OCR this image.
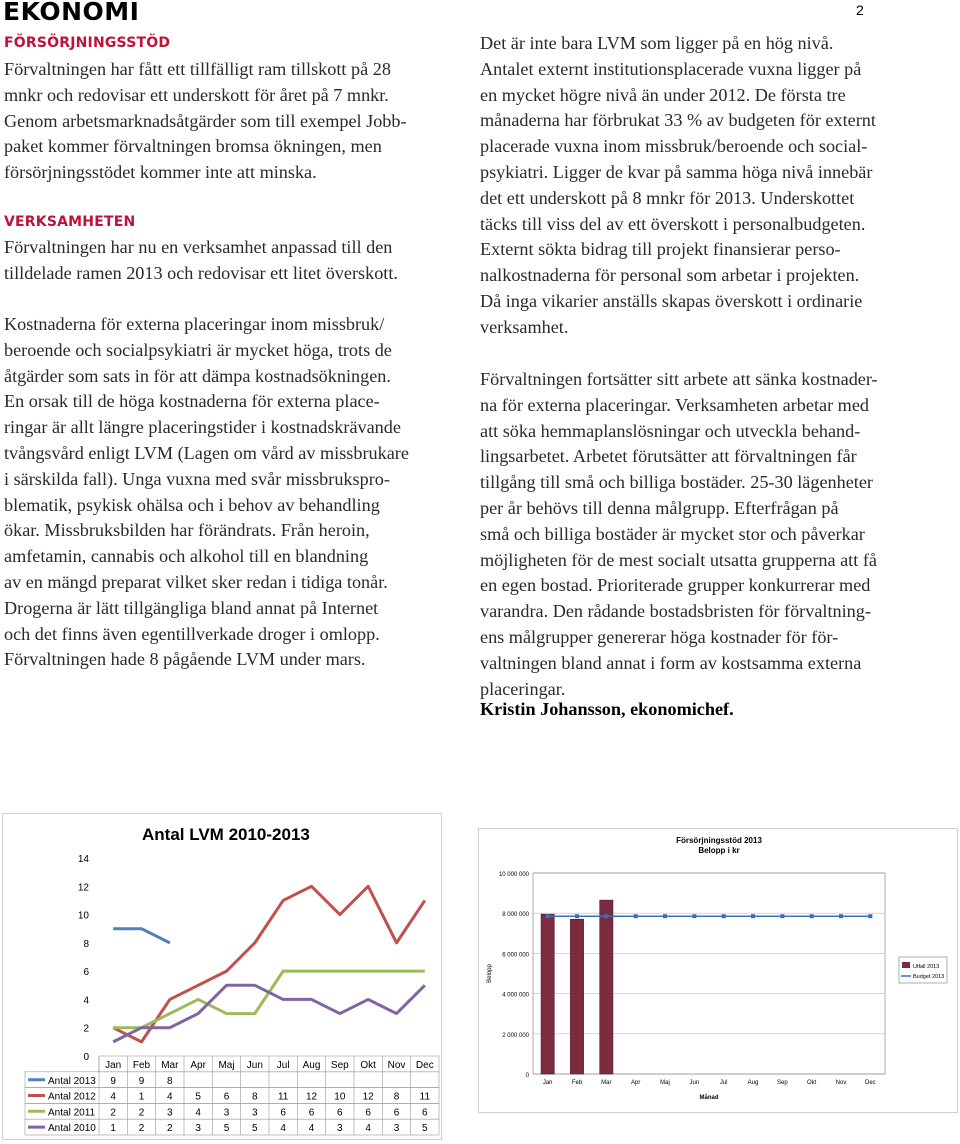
EKONOMI	2
FÖRSÖRJNINGSSTÖD
Förvaltningen har fått ett tillfälligt ram tillskott på 28
mnkr och redovisar ett underskott för året på 7 mnkr.
Genom arbetsmarknadsåtgärder som till exempel Jobb-
paket kommer förvaltningen bromsa ökningen, men
försörjningsstödet kommer inte att minska.
VERKSAMHETEN
Förvaltningen har nu en verksamhet anpassad till den
tilldelade ramen 2013 och redovisar ett litet överskott.
Kostnaderna för externa placeringar inom missbruk/
beroende och socialpsykiatri är mycket höga, trots de
åtgärder som sats in för att dämpa kostnadsökningen.
En orsak till de höga kostnaderna för externa place-
ringar är allt längre placeringstider i kostnadskrävande
tvångsvård enligt LVM (Lagen om vård av missbrukare
i särskilda fall). Unga vuxna med svår missbrukspro-
blematik, psykisk ohälsa och i behov av behandling
ökar. Missbruksbilden har förändrats. Från heroin,
amfetamin, cannabis och alkohol till en blandning
av en mängd preparat vilket sker redan i tidiga tonår.
Drogerna är lätt tillgängliga bland annat på Internet
och det finns även egentillverkade droger i omlopp.
Förvaltningen hade 8 pågående LVM under mars.
Det är inte bara LVM som ligger på en hög nivå.
Antalet externt institutionsplacerade vuxna ligger på
en mycket högre nivå än under 2012. De första tre
månaderna har förbrukat 33 % av budgeten för externt
placerade vuxna inom missbruk/beroende och social-
psykiatri. Ligger de kvar på samma höga nivå innebär
det ett underskott på 8 mnkr för 2013. Underskottet
täcks till viss del av ett överskott i personalbudgeten.
Externt sökta bidrag till projekt finansierar perso-
nalkostnaderna för personal som arbetar i projekten.
Då inga vikarier anställs skapas överskott i ordinarie
verksamhet.
Förvaltningen fortsätter sitt arbete att sänka kostnader-
na för externa placeringar. Verksamheten arbetar med
att söka hemmaplanslösningar och utveckla behand-
lingsarbetet. Arbetet förutsätter att förvaltningen får
tillgång till små och billiga bostäder. 25-30 lägenheter
per år behövs till denna målgrupp. Efterfrågan på
små och billiga bostäder är mycket stor och påverkar
möjligheten för de mest socialt utsatta grupperna att få
en egen bostad. Prioriterade grupper konkurrerar med
varandra. Den rådande bostadsbristen för förvaltning-
ens målgrupper genererar höga kostnader för för-
valtningen bland annat i form av kostsamma externa
placeringar.
Kristin Johansson, ekonomichef.
Antal LVM 2010-2013
0
2
4
6
8
10
12
14
Jan Feb Mar Apr Maj Jun Jul Aug Sep Okt Nov Dec
Antal 2013 9 9 8
Antal 2012 4 1 4 5 6 8 11 12 10 12 8 11
Antal 2011 2 2 3 4 3 3 6 6 6 6 6 6
Antal 2010 1 2 2 3 5 5 4 4 3 4 3 5
Försörjningsstöd 2013
Belopp i kr
0
2 000 000
4 000 000
6 000 000
8 000 000
10 000 000
Belopp
Månad
Jan	Feb	Mar	Apr	Maj	Jun	Jul	Aug	Sep	Okt	Nov	Dec
Utfall 2013
Budget 2013
